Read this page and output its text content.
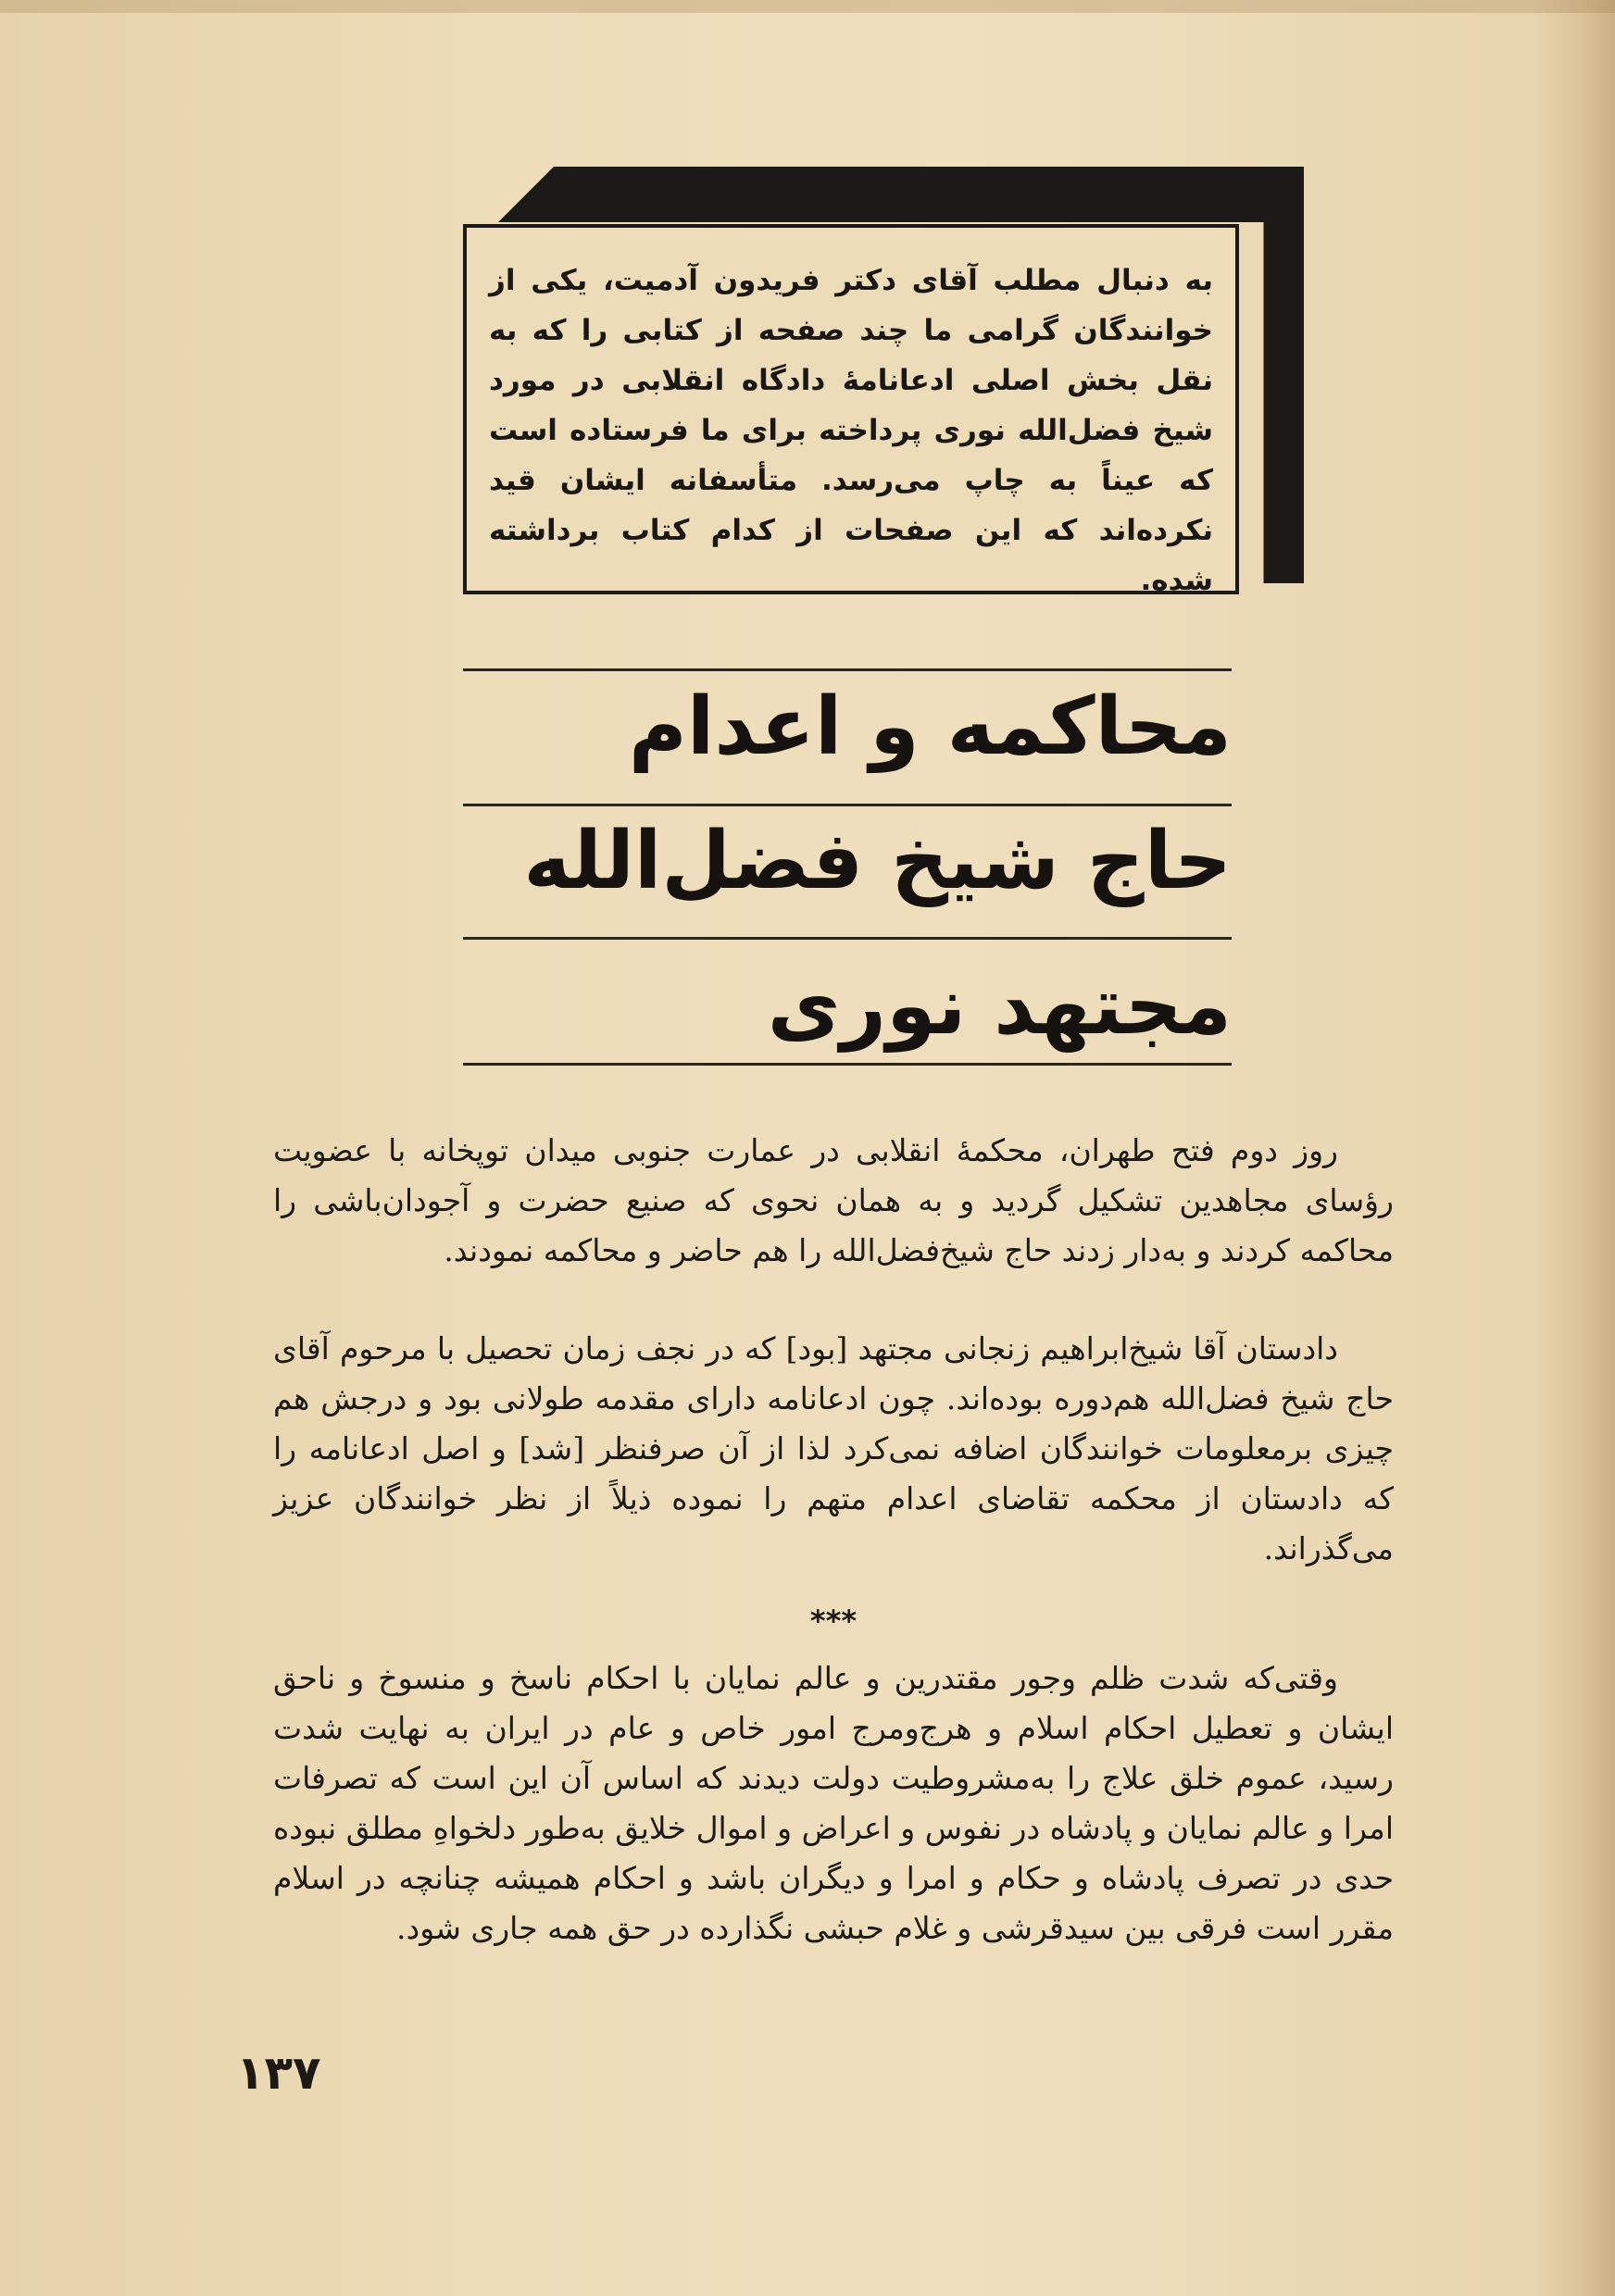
به دنبال مطلب آقای دکتر فریدون آدمیت، یکی از خوانندگان گرامی ما چند صفحه از کتابی را که به نقل بخش اصلی ادعانامهٔ دادگاه انقلابی در مورد شیخ فضل‌الله نوری پرداخته برای ما فرستاده است که عیناً به چاپ می‌رسد. متأسفانه ایشان قید نکرده‌اند که این صفحات از کدام کتاب برداشته شده.
محاکمه و اعدام
حاج شیخ فضل‌الله
مجتهد نوری
روز دوم فتح طهران، محکمهٔ انقلابی در عمارت جنوبی میدان توپخانه با عضویت رؤسای مجاهدین تشکیل گردید و به همان نحوی که صنیع حضرت و آجودان‌باشی را محاکمه کردند و به‌دار زدند حاج شیخ‌فضل‌الله را هم حاضر و محاکمه نمودند.
دادستان آقا شیخ‌ابراهیم زنجانی مجتهد [بود] که در نجف زمان تحصیل با مرحوم آقای حاج شیخ فضل‌الله هم‌دوره بوده‌اند. چون ادعانامه دارای مقدمه طولانی بود و درجش هم چیزی برمعلومات خوانندگان اضافه نمی‌کرد لذا از آن صرفنظر [شد] و اصل ادعانامه را که دادستان از محکمه تقاضای اعدام متهم را نموده ذیلاً از نظر خوانندگان عزیز می‌گذراند.
***
وقتی‌که شدت ظلم وجور مقتدرین و عالم نمایان با احکام ناسخ و منسوخ و ناحق ایشان و تعطیل احکام اسلام و هرج‌ومرج امور خاص و عام در ایران به نهایت شدت رسید، عموم خلق علاج را به‌مشروطیت دولت دیدند که اساس آن این است که تصرفات امرا و عالم نمایان و پادشاه در نفوس و اعراض و اموال خلایق به‌طور دلخواهِ مطلق نبوده حدی در تصرف پادشاه و حکام و امرا و دیگران باشد و احکام همیشه چنانچه در اسلام مقرر است فرقی بین سیدقرشی و غلام حبشی نگذارده در حق همه جاری شود.
۱۳۷
